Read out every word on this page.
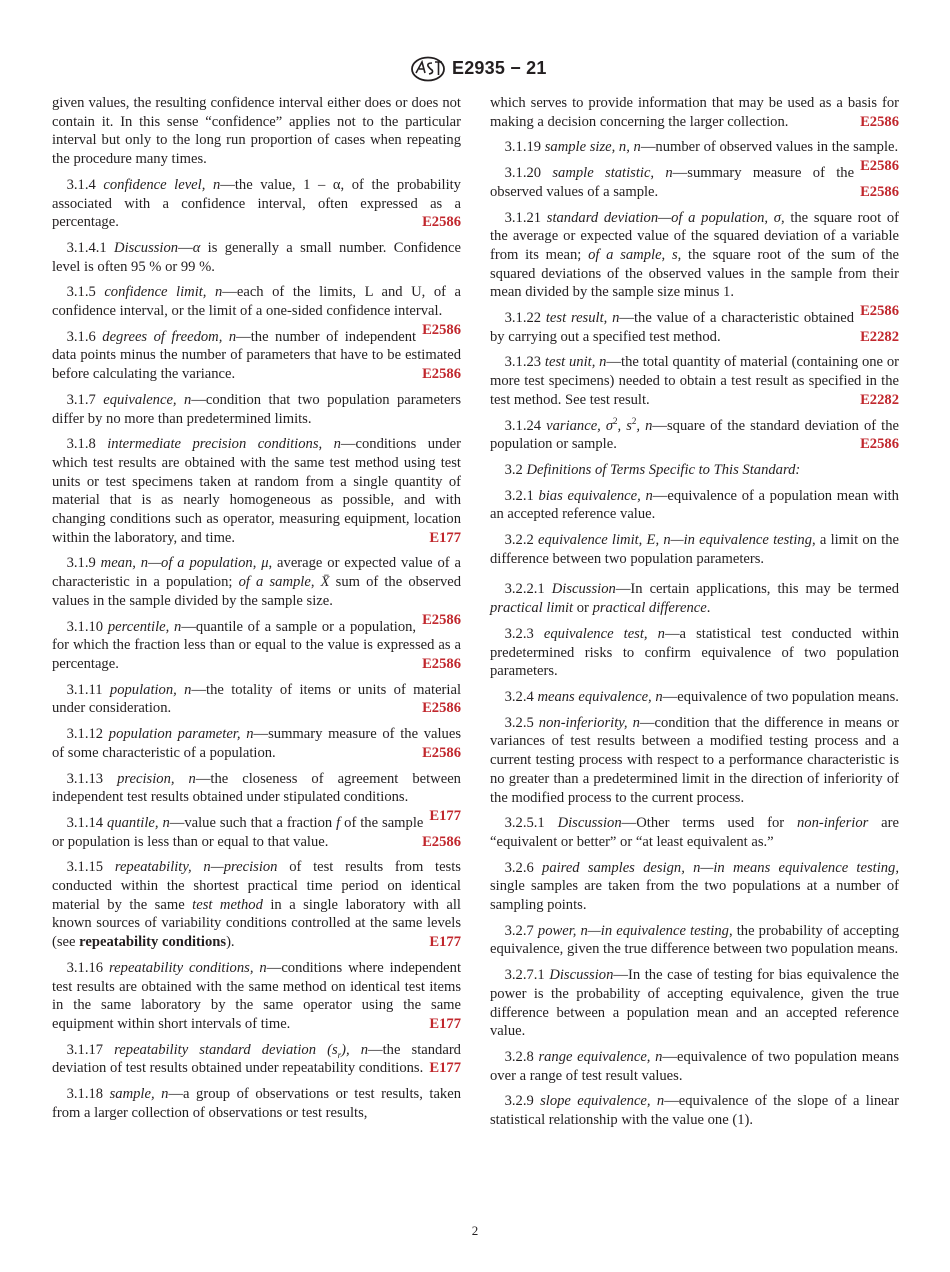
E2935 − 21

given values, the resulting confidence interval either does or does not contain it. In this sense “confidence” applies not to the particular interval but only to the long run proportion of cases when repeating the procedure many times.

 3.1.4 confidence level, n—the value, 1 – α, of the probability associated with a confidence interval, often expressed as a percentage.	E2586

 3.1.4.1 Discussion—α is generally a small number. Confidence level is often 95 % or 99 %.

 3.1.5 confidence limit, n—each of the limits, L and U, of a confidence interval, or the limit of a one-sided confidence interval.
E2586

 3.1.6 degrees of freedom, n—the number of independent data points minus the number of parameters that have to be estimated before calculating the variance.	E2586

 3.1.7 equivalence, n—condition that two population parameters differ by no more than predetermined limits.

 3.1.8 intermediate precision conditions, n—conditions under which test results are obtained with the same test method using test units or test specimens taken at random from a single quantity of material that is as nearly homogeneous as possible, and with changing conditions such as operator, measuring equipment, location within the laboratory, and time.	E177

 3.1.9 mean, n—of a population, μ, average or expected value of a characteristic in a population; of a sample, X̄ sum of the observed values in the sample divided by the sample size.
E2586

 3.1.10 percentile, n—quantile of a sample or a population, for which the fraction less than or equal to the value is expressed as a percentage.	E2586

 3.1.11 population, n—the totality of items or units of material under consideration.	E2586

 3.1.12 population parameter, n—summary measure of the values of some characteristic of a population.	E2586

 3.1.13 precision, n—the closeness of agreement between independent test results obtained under stipulated conditions.
E177

 3.1.14 quantile, n—value such that a fraction f of the sample or population is less than or equal to that value.	E2586

 3.1.15 repeatability, n—precision of test results from tests conducted within the shortest practical time period on identical material by the same test method in a single laboratory with all known sources of variability conditions controlled at the same levels (see repeatability conditions).	E177

 3.1.16 repeatability conditions, n—conditions where independent test results are obtained with the same method on identical test items in the same laboratory by the same operator using the same equipment within short intervals of time.	E177

 3.1.17 repeatability standard deviation $(s_r)$, n—the standard deviation of test results obtained under repeatability conditions. E177

 3.1.18 sample, n—a group of observations or test results, taken from a larger collection of observations or test results,

which serves to provide information that may be used as a basis for making a decision concerning the larger collection.	E2586

 3.1.19 sample size, n, n—number of observed values in the sample.
E2586

 3.1.20 sample statistic, n—summary measure of the observed values of a sample.	E2586

 3.1.21 standard deviation—of a population, σ, the square root of the average or expected value of the squared deviation of a variable from its mean; of a sample, s, the square root of the sum of the squared deviations of the observed values in the sample from their mean divided by the sample size minus 1.
E2586

 3.1.22 test result, n—the value of a characteristic obtained by carrying out a specified test method.	E2282

 3.1.23 test unit, n—the total quantity of material (containing one or more test specimens) needed to obtain a test result as specified in the test method. See test result.	E2282

 3.1.24 variance, $\sigma^2$, $s^2$, n—square of the standard deviation of the population or sample.	E2586

 3.2 Definitions of Terms Specific to This Standard:

 3.2.1 bias equivalence, n—equivalence of a population mean with an accepted reference value.

 3.2.2 equivalence limit, E, n—in equivalence testing, a limit on the difference between two population parameters.

 3.2.2.1 Discussion—In certain applications, this may be termed practical limit or practical difference.

 3.2.3 equivalence test, n—a statistical test conducted within predetermined risks to confirm equivalence of two population parameters.

 3.2.4 means equivalence, n—equivalence of two population means.

 3.2.5 non-inferiority, n—condition that the difference in means or variances of test results between a modified testing process and a current testing process with respect to a performance characteristic is no greater than a predetermined limit in the direction of inferiority of the modified process to the current process.

 3.2.5.1 Discussion—Other terms used for non-inferior are “equivalent or better” or “at least equivalent as.”

 3.2.6 paired samples design, n—in means equivalence testing, single samples are taken from the two populations at a number of sampling points.

 3.2.7 power, n—in equivalence testing, the probability of accepting equivalence, given the true difference between two population means.

 3.2.7.1 Discussion—In the case of testing for bias equivalence the power is the probability of accepting equivalence, given the true difference between a population mean and an accepted reference value.

 3.2.8 range equivalence, n—equivalence of two population means over a range of test result values.

 3.2.9 slope equivalence, n—equivalence of the slope of a linear statistical relationship with the value one (1).

2
